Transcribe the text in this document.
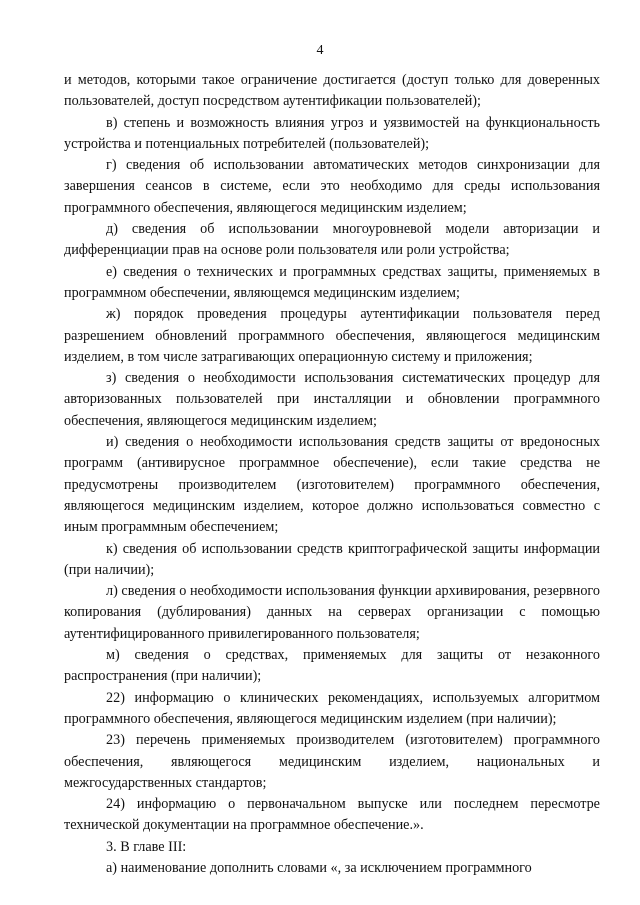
4

и методов, которыми такое ограничение достигается (доступ только для доверенных пользователей, доступ посредством аутентификации пользователей);

в) степень и возможность влияния угроз и уязвимостей на функциональность устройства и потенциальных потребителей (пользователей);

г) сведения об использовании автоматических методов синхронизации для завершения сеансов в системе, если это необходимо для среды использования программного обеспечения, являющегося медицинским изделием;

д) сведения об использовании многоуровневой модели авторизации и дифференциации прав на основе роли пользователя или роли устройства;

е) сведения о технических и программных средствах защиты, применяемых в программном обеспечении, являющемся медицинским изделием;

ж) порядок проведения процедуры аутентификации пользователя перед разрешением обновлений программного обеспечения, являющегося медицинским изделием, в том числе затрагивающих операционную систему и приложения;

з) сведения о необходимости использования систематических процедур для авторизованных пользователей при инсталляции и обновлении программного обеспечения, являющегося медицинским изделием;

и) сведения о необходимости использования средств защиты от вредоносных программ (антивирусное программное обеспечение), если такие средства не предусмотрены производителем (изготовителем) программного обеспечения, являющегося медицинским изделием, которое должно использоваться совместно с иным программным обеспечением;

к) сведения об использовании средств криптографической защиты информации (при наличии);

л) сведения о необходимости использования функции архивирования, резервного копирования (дублирования) данных на серверах организации с помощью аутентифицированного привилегированного пользователя;

м) сведения о средствах, применяемых для защиты от незаконного распространения (при наличии);

22) информацию о клинических рекомендациях, используемых алгоритмом программного обеспечения, являющегося медицинским изделием (при наличии);

23) перечень применяемых производителем (изготовителем) программного обеспечения, являющегося медицинским изделием, национальных и межгосударственных стандартов;

24) информацию о первоначальном выпуске или последнем пересмотре технической документации на программное обеспечение.».

3. В главе III:

а) наименование дополнить словами «, за исключением программного
